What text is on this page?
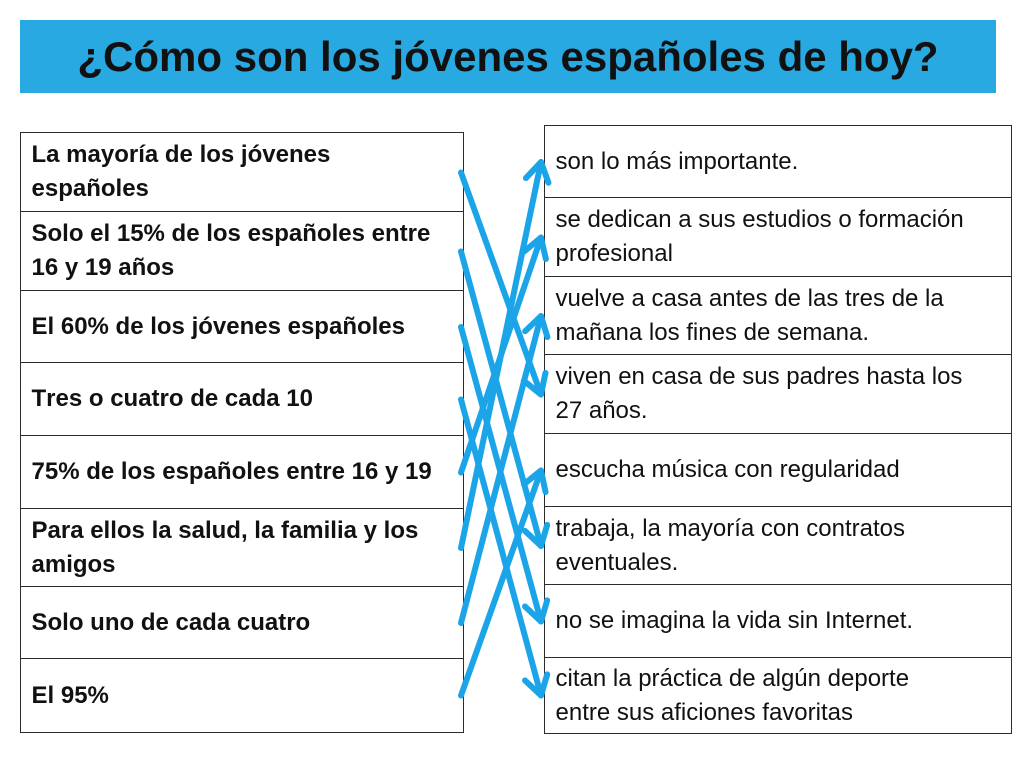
¿Cómo son los jóvenes españoles de hoy?
La mayoría de los jóvenes españoles
Solo el 15% de los españoles entre 16 y 19 años
El 60% de los jóvenes españoles
Tres o cuatro de cada 10
75% de los españoles entre 16 y 19
Para ellos la salud, la familia y los amigos
Solo uno de cada cuatro
El 95%
son lo más importante.
se dedican a sus estudios o formación profesional
vuelve a casa antes de las tres de la mañana los fines de semana.
viven en casa de sus padres hasta los 27 años.
escucha música con regularidad
trabaja, la mayoría con contratos eventuales.
no se imagina la vida sin Internet.
citan la práctica de algún deporte entre sus aficiones favoritas
